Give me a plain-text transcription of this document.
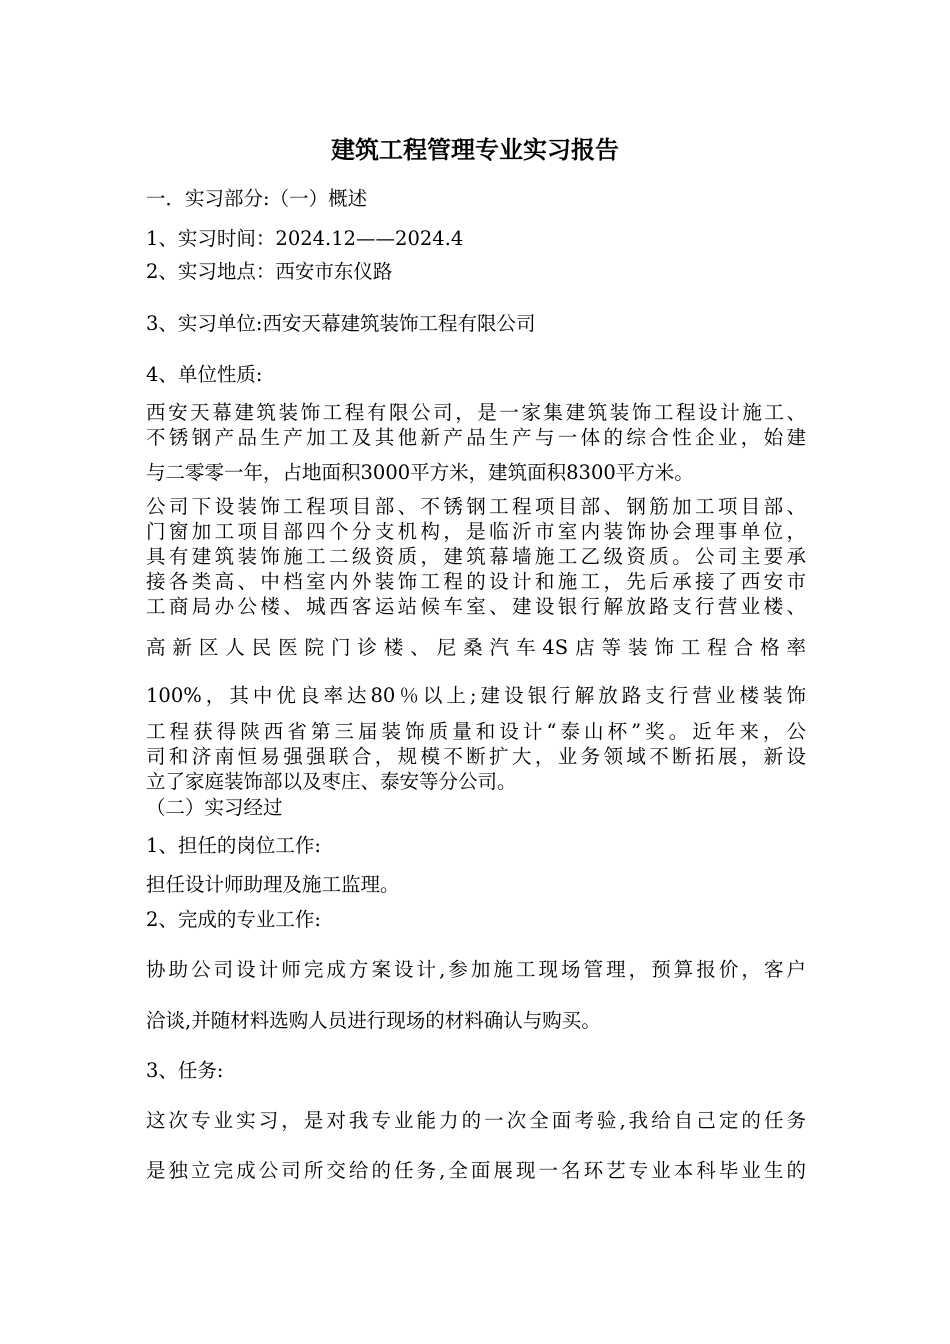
建筑工程管理专业实习报告

一．实习部分:（一）概述

1、实习时间：2024.12——2024.4

2、实习地点：西安市东仪路

3、实习单位:西安天幕建筑装饰工程有限公司

4、单位性质:

西安天幕建筑装饰工程有限公司，是一家集建筑装饰工程设计施工、

不锈钢产品生产加工及其他新产品生产与一体的综合性企业，始建

与二零零一年，占地面积3000平方米，建筑面积8300平方米。

公司下设装饰工程项目部、不锈钢工程项目部、钢筋加工项目部、

门窗加工项目部四个分支机构，是临沂市室内装饰协会理事单位，

具有建筑装饰施工二级资质，建筑幕墙施工乙级资质。公司主要承

接各类高、中档室内外装饰工程的设计和施工，先后承接了西安市

工商局办公楼、城西客运站候车室、建设银行解放路支行营业楼、

高新区人民医院门诊楼、尼桑汽车4S店等装饰工程合格率

100%，其中优良率达80％以上;建设银行解放路支行营业楼装饰

工程获得陕西省第三届装饰质量和设计“泰山杯”奖。近年来，公

司和济南恒易强强联合，规模不断扩大，业务领域不断拓展，新设

立了家庭装饰部以及枣庄、泰安等分公司。

（二）实习经过

1、担任的岗位工作:

担任设计师助理及施工监理。

2、完成的专业工作:

协助公司设计师完成方案设计,参加施工现场管理，预算报价，客户

洽谈,并随材料选购人员进行现场的材料确认与购买。

3、任务:

这次专业实习，是对我专业能力的一次全面考验,我给自己定的任务

是独立完成公司所交给的任务,全面展现一名环艺专业本科毕业生的
